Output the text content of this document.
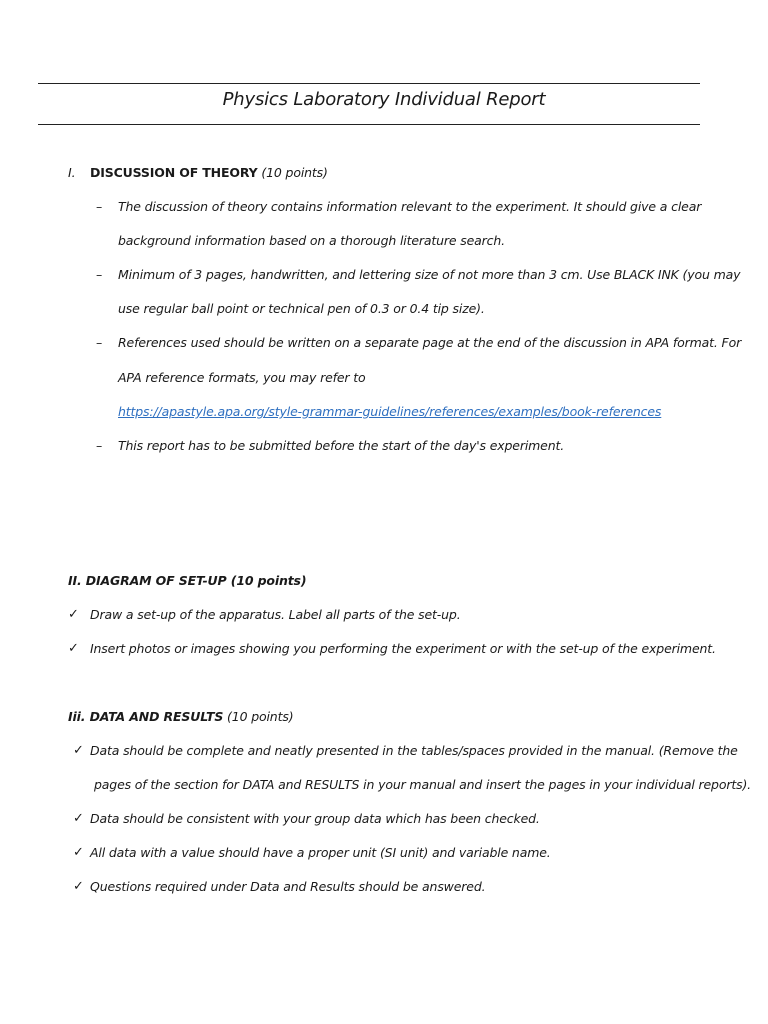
Physics Laboratory Individual Report
I. DISCUSSION OF THEORY (10 points)
– The discussion of theory contains information relevant to the experiment. It should give a clear
background information based on a thorough literature search.
– Minimum of 3 pages, handwritten, and lettering size of not more than 3 cm. Use BLACK INK (you may
use regular ball point or technical pen of 0.3 or 0.4 tip size).
– References used should be written on a separate page at the end of the discussion in APA format. For
APA reference formats, you may refer to
https://apastyle.apa.org/style-grammar-guidelines/references/examples/book-references
– This report has to be submitted before the start of the day's experiment.
II. DIAGRAM OF SET-UP (10 points)
✓ Draw a set-up of the apparatus. Label all parts of the set-up.
✓ Insert photos or images showing you performing the experiment or with the set-up of the experiment.
Iii. DATA AND RESULTS (10 points)
✓ Data should be complete and neatly presented in the tables/spaces provided in the manual. (Remove the
pages of the section for DATA and RESULTS in your manual and insert the pages in your individual reports).
✓ Data should be consistent with your group data which has been checked.
✓ All data with a value should have a proper unit (SI unit) and variable name.
✓ Questions required under Data and Results should be answered.
